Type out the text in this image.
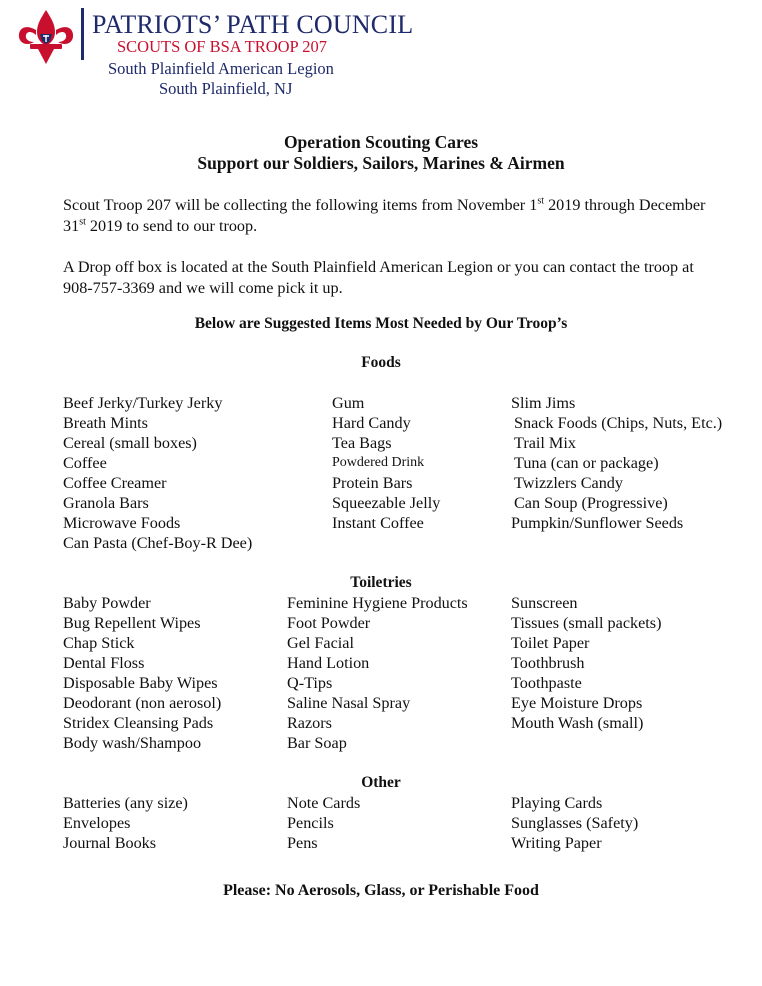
PATRIOTS’ PATH COUNCIL
SCOUTS OF BSA TROOP 207
South Plainfield American Legion
South Plainfield, NJ
Operation Scouting Cares
Support our Soldiers, Sailors, Marines & Airmen
Scout Troop 207 will be collecting the following items from November 1st 2019 through December 31st 2019 to send to our troop.
A Drop off box is located at the South Plainfield American Legion or you can contact the troop at 908-757-3369 and we will come pick it up.
Below are Suggested Items Most Needed by Our Troop’s
Foods
Beef Jerky/Turkey Jerky
Breath Mints
Cereal (small boxes)
Coffee
Coffee Creamer
Granola Bars
Microwave Foods
Can Pasta (Chef-Boy-R Dee)
Gum
Hard Candy
Tea Bags
Powdered Drink
Protein Bars
Squeezable Jelly
Instant Coffee
Slim Jims
Snack Foods (Chips, Nuts, Etc.)
Trail Mix
Tuna (can or package)
Twizzlers Candy
Can Soup (Progressive)
Pumpkin/Sunflower Seeds
Toiletries
Baby Powder
Bug Repellent Wipes
Chap Stick
Dental Floss
Disposable Baby Wipes
Deodorant (non aerosol)
Stridex Cleansing Pads
Body wash/Shampoo
Feminine Hygiene Products
Foot Powder
Gel Facial
Hand Lotion
Q-Tips
Saline Nasal Spray
Razors
Bar Soap
Sunscreen
Tissues (small packets)
Toilet Paper
Toothbrush
Toothpaste
Eye Moisture Drops
Mouth Wash (small)
Other
Batteries (any size)
Envelopes
Journal Books
Note Cards
Pencils
Pens
Playing Cards
Sunglasses (Safety)
Writing Paper
Please: No Aerosols, Glass, or Perishable Food
